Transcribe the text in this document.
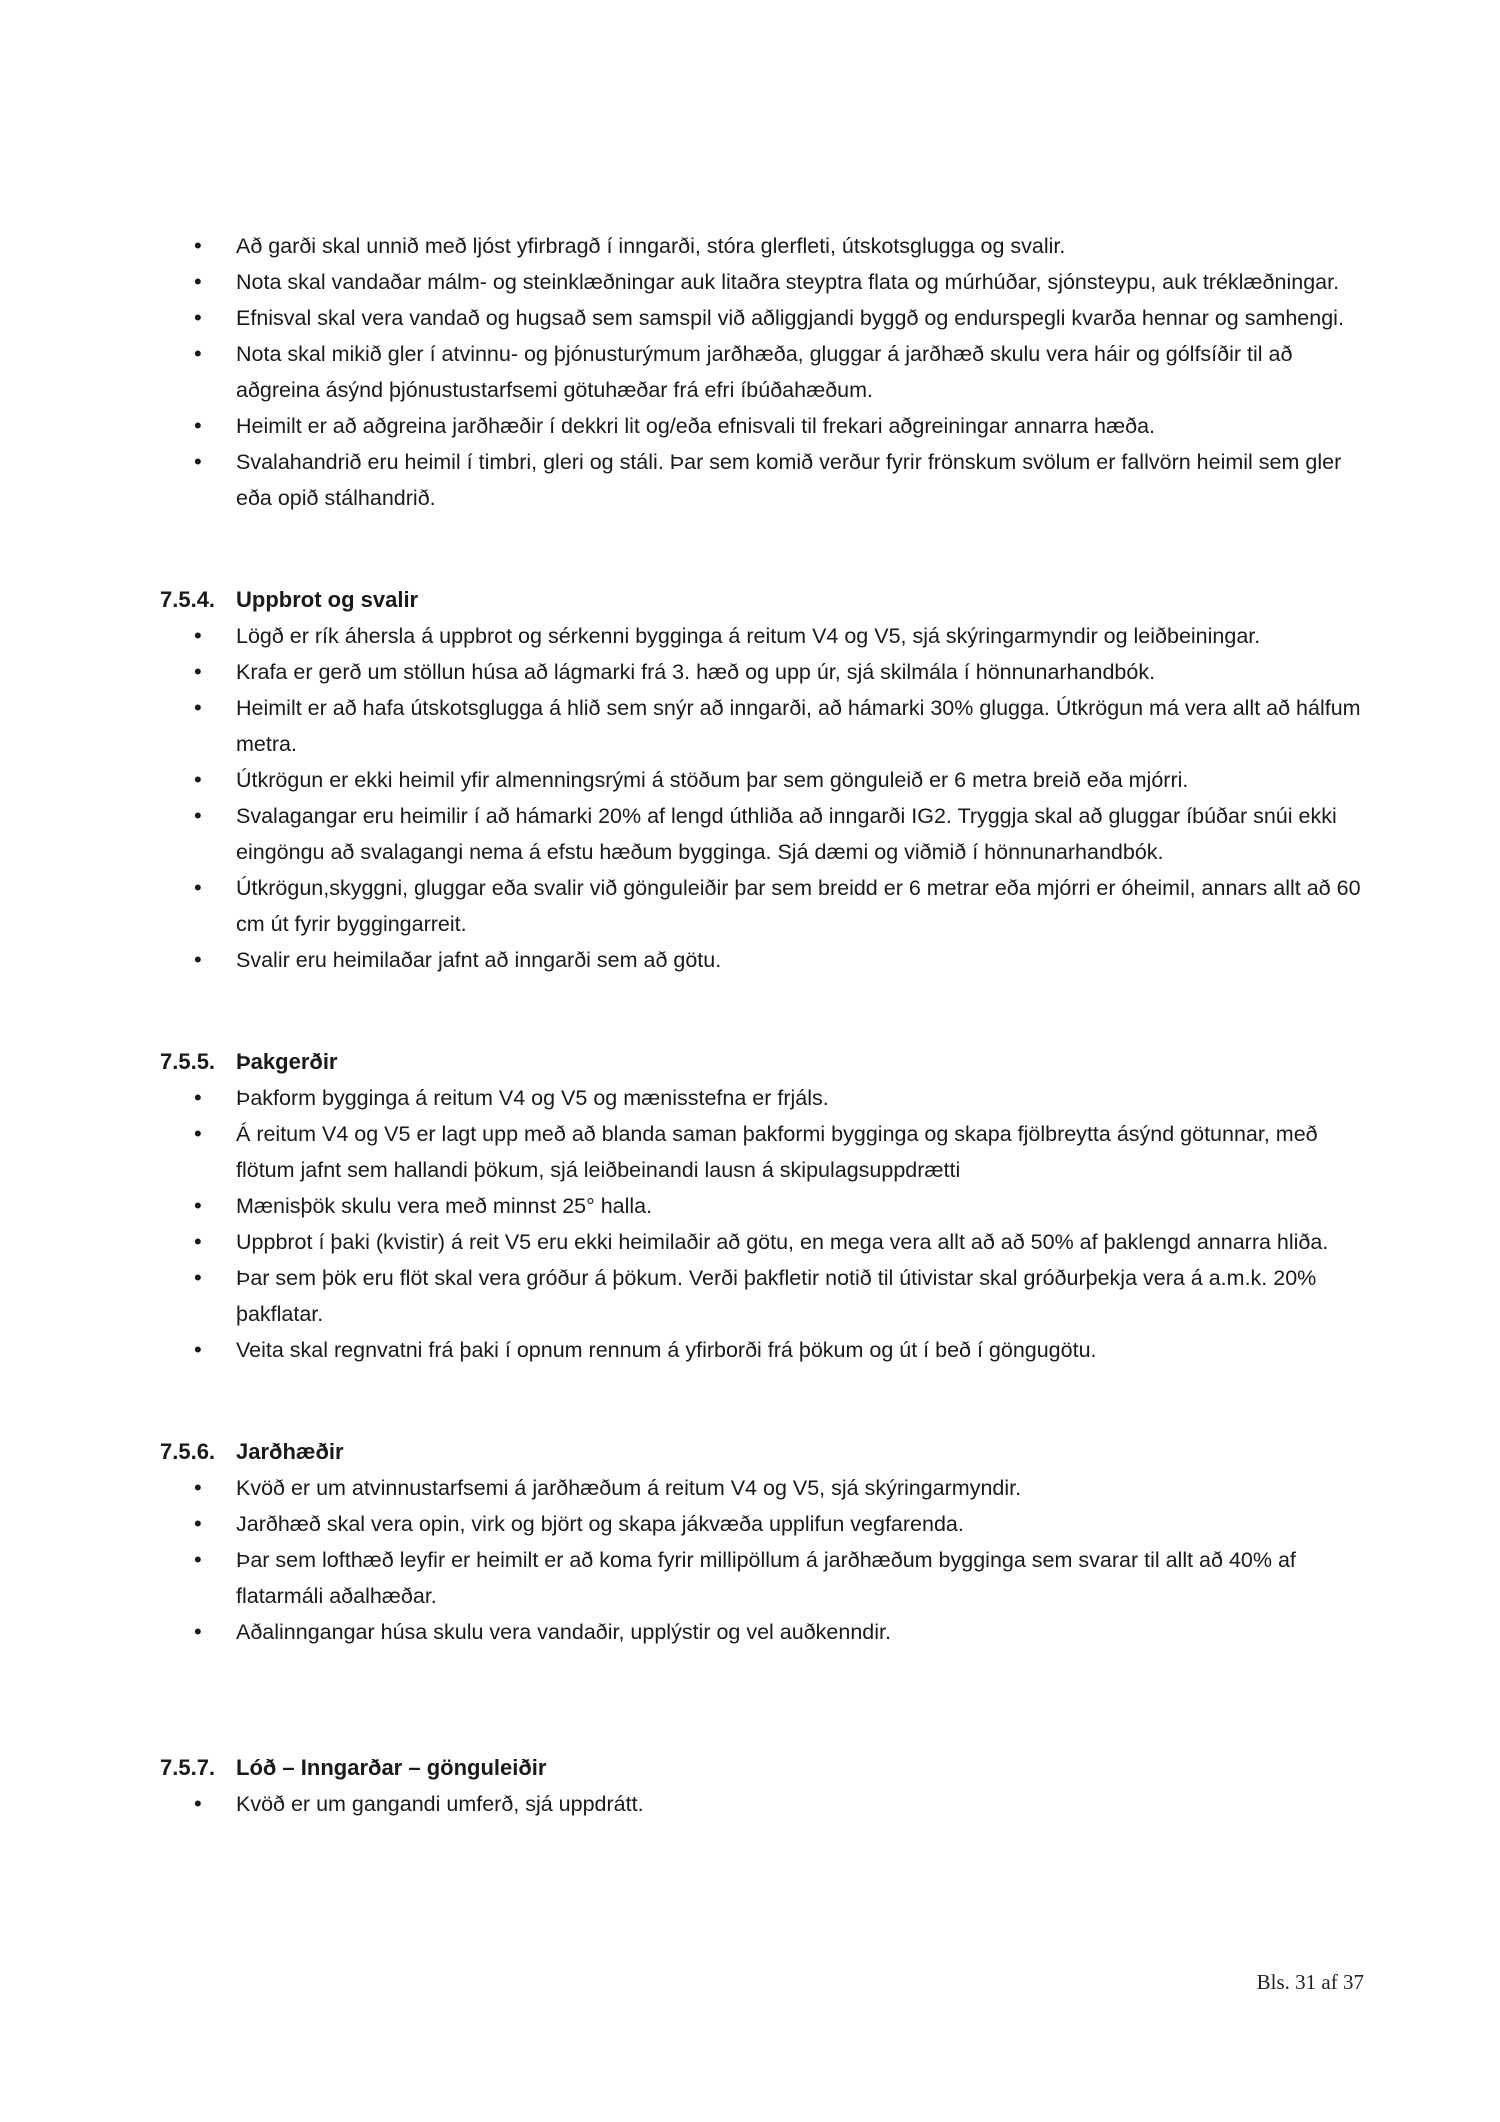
• Að garði skal unnið með ljóst yfirbragð í inngarði, stóra glerfleti, útskotsglugga og svalir.
• Nota skal vandaðar málm- og steinklæðningar auk litaðra steyptra flata og múrhúðar, sjónsteypu, auk tréklæðningar.
• Efnisval skal vera vandað og hugsað sem samspil við aðliggjandi byggð og endurspegli kvarða hennar og samhengi.
• Nota skal mikið gler í atvinnu- og þjónusturýmum jarðhæða, gluggar á jarðhæð skulu vera háir og gólfsíðir til að aðgreina ásýnd þjónustustarfsemi götuhæðar frá efri íbúðahæðum.
• Heimilt er að aðgreina jarðhæðir í dekkri lit og/eða efnisvali til frekari aðgreiningar annarra hæða.
• Svalahandrið eru heimil í timbri, gleri og stáli. Þar sem komið verður fyrir frönskum svölum er fallvörn heimil sem gler eða opið stálhandrið.
7.5.4. Uppbrot og svalir
• Lögð er rík áhersla á uppbrot og sérkenni bygginga á reitum V4 og V5, sjá skýringarmyndir og leiðbeiningar.
• Krafa er gerð um stöllun húsa að lágmarki frá 3. hæð og upp úr, sjá skilmála í hönnunarhandbók.
• Heimilt er að hafa útskotsglugga á hlið sem snýr að inngarði, að hámarki 30% glugga. Útkrögun má vera allt að hálfum metra.
• Útkrögun er ekki heimil yfir almenningsrými á stöðum þar sem gönguleið er 6 metra breið eða mjórri.
• Svalagangar eru heimilir í að hámarki 20% af lengd úthliða að inngarði IG2. Tryggja skal að gluggar íbúðar snúi ekki eingöngu að svalagangi nema á efstu hæðum bygginga. Sjá dæmi og viðmið í hönnunarhandbók.
• Útkrögun,skyggni, gluggar eða svalir við gönguleiðir þar sem breidd er 6 metrar eða mjórri er óheimil, annars allt að 60 cm út fyrir byggingarreit.
• Svalir eru heimilaðar jafnt að inngarði sem að götu.
7.5.5. Þakgerðir
• Þakform bygginga á reitum V4 og V5 og mænisstefna er frjáls.
• Á reitum V4 og V5 er lagt upp með að blanda saman þakformi bygginga og skapa fjölbreytta ásýnd götunnar, með flötum jafnt sem hallandi þökum, sjá leiðbeinandi lausn á skipulagsuppdrætti
• Mænisþök skulu vera með minnst 25° halla.
• Uppbrot í þaki (kvistir) á reit V5 eru ekki heimilaðir að götu, en mega vera allt að að 50% af þaklengd annarra hliða.
• Þar sem þök eru flöt skal vera gróður á þökum. Verði þakfletir notið til útivistar skal gróðurþekja vera á a.m.k. 20% þakflatar.
• Veita skal regnvatni frá þaki í opnum rennum á yfirborði frá þökum og út í beð í göngugötu.
7.5.6. Jarðhæðir
• Kvöð er um atvinnustarfsemi á jarðhæðum á reitum V4 og V5, sjá skýringarmyndir.
• Jarðhæð skal vera opin, virk og björt og skapa jákvæða upplifun vegfarenda.
• Þar sem lofthæð leyfir er heimilt er að koma fyrir millipöllum á jarðhæðum bygginga sem svarar til allt að 40% af flatarmáli aðalhæðar.
• Aðalinngangar húsa skulu vera vandaðir, upplýstir og vel auðkenndir.
7.5.7. Lóð – Inngarðar – gönguleiðir
• Kvöð er um gangandi umferð, sjá uppdrátt.
Bls. 31 af 37
